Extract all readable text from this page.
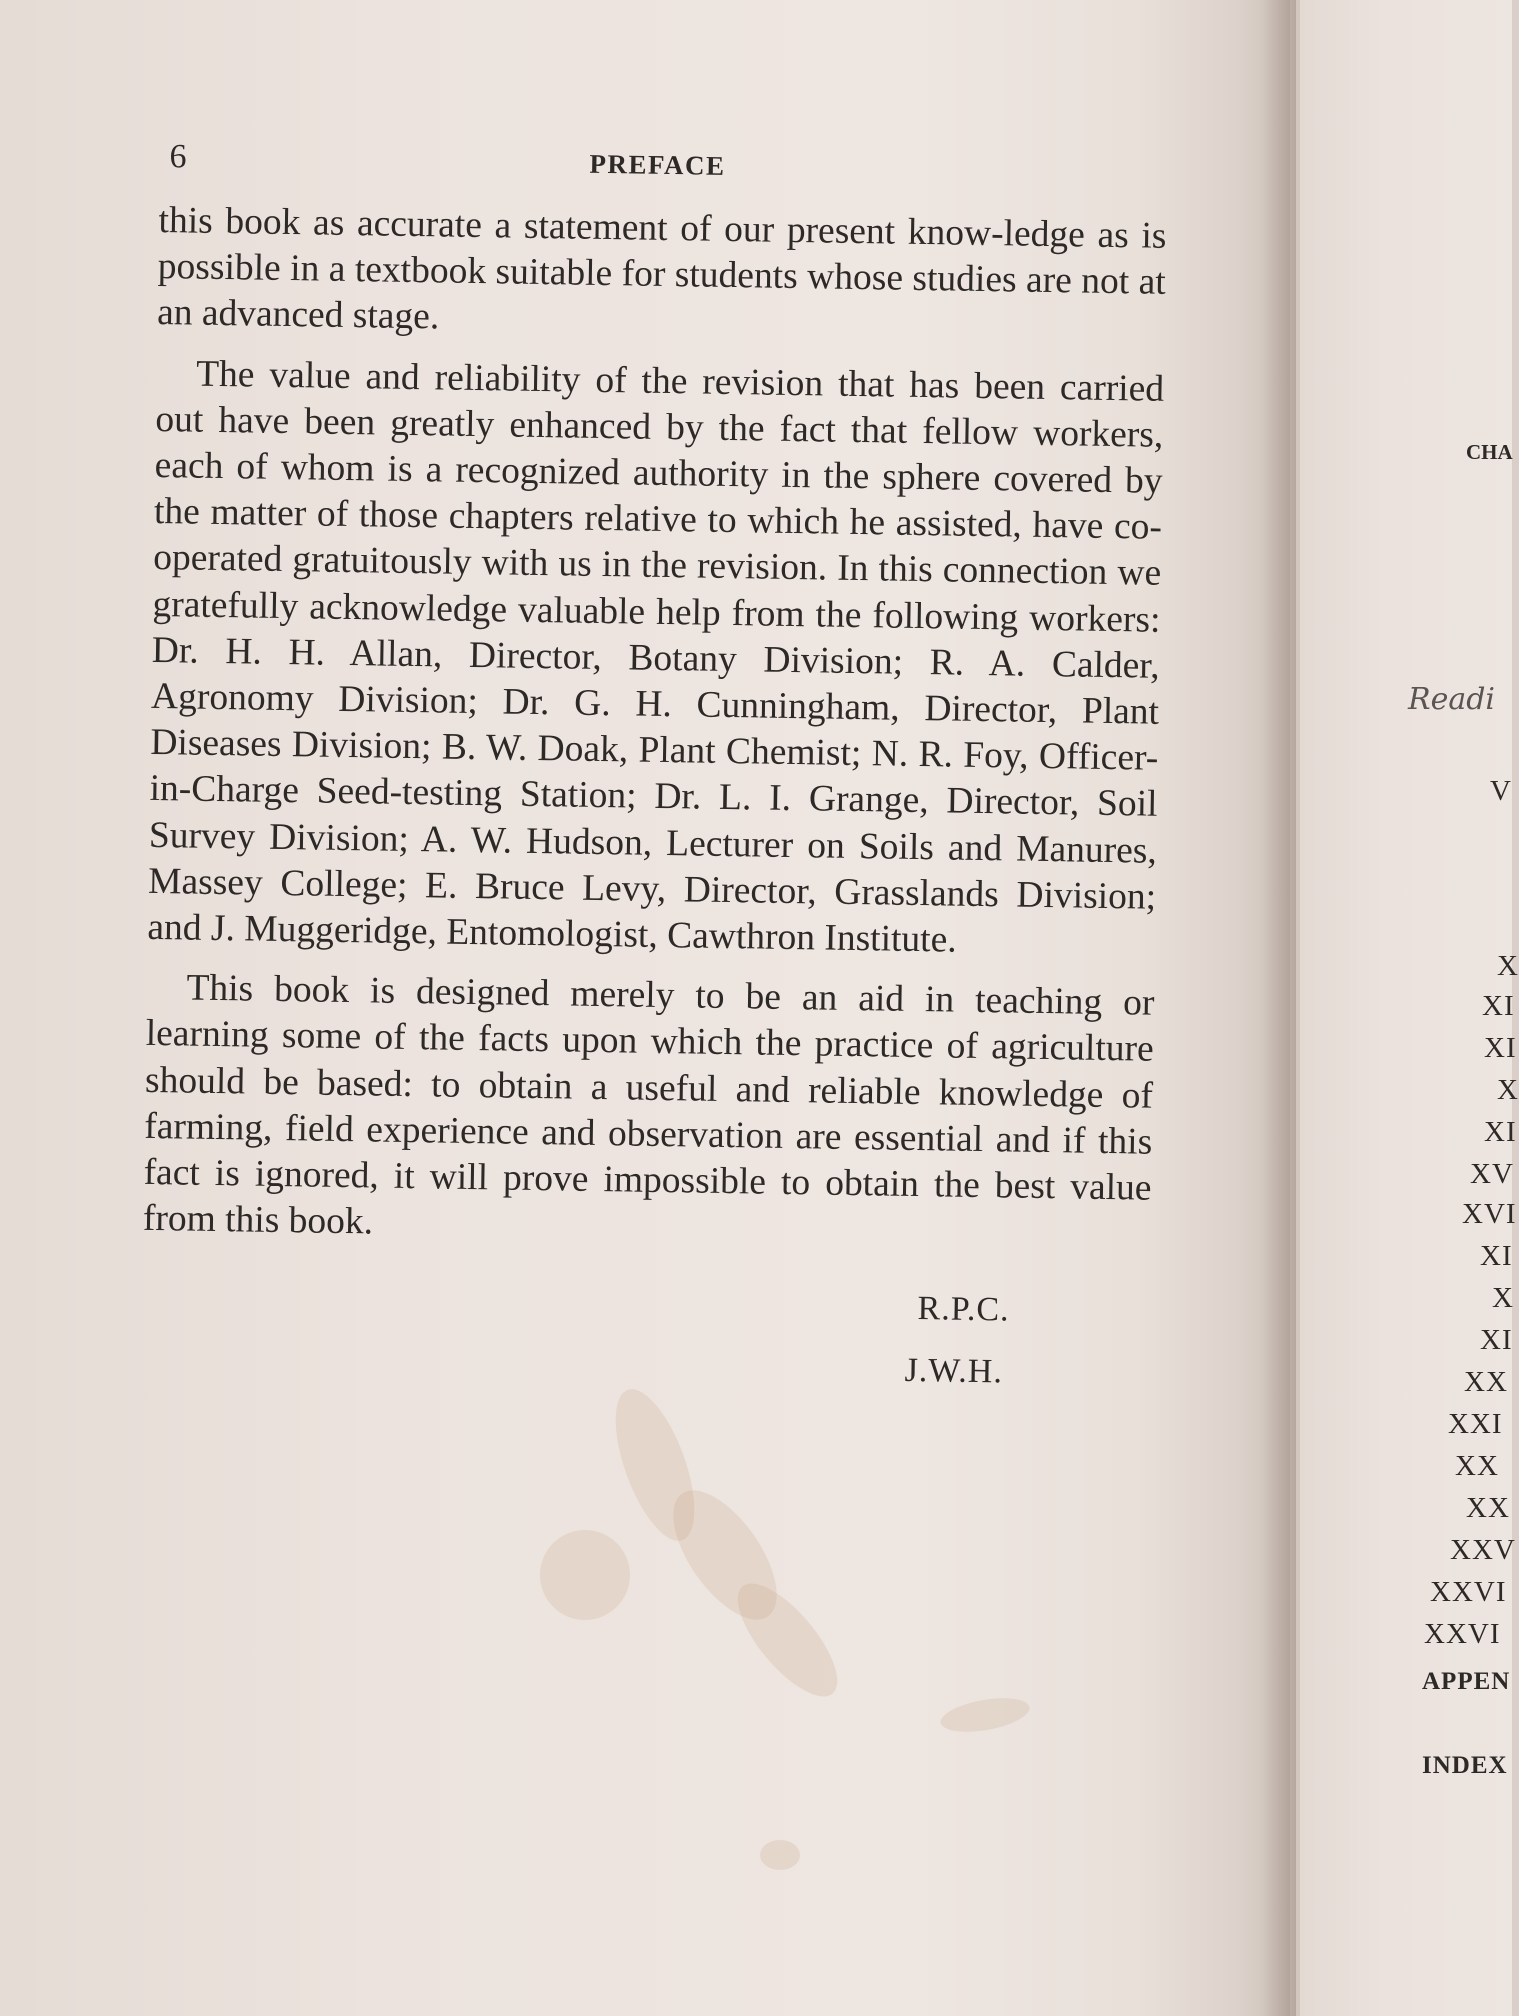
6	PREFACE

this book as accurate a statement of our present know-ledge as is possible in a textbook suitable for students whose studies are not at an advanced stage.

The value and reliability of the revision that has been carried out have been greatly enhanced by the fact that fellow workers, each of whom is a recognized authority in the sphere covered by the matter of those chapters relative to which he assisted, have co-operated gratuitously with us in the revision. In this connection we gratefully acknowledge valuable help from the following workers: Dr. H. H. Allan, Director, Botany Division; R. A. Calder, Agronomy Division; Dr. G. H. Cunningham, Director, Plant Diseases Division; B. W. Doak, Plant Chemist; N. R. Foy, Officer-in-Charge Seed-testing Station; Dr. L. I. Grange, Director, Soil Survey Division; A. W. Hudson, Lecturer on Soils and Manures, Massey College; E. Bruce Levy, Director, Grasslands Division; and J. Muggeridge, Entomologist, Cawthron Institute.

This book is designed merely to be an aid in teaching or learning some of the facts upon which the practice of agriculture should be based: to obtain a useful and reliable knowledge of farming, field experience and observation are essential and if this fact is ignored, it will prove impossible to obtain the best value from this book.

R.P.C.
J.W.H.
CHA
Readi
V
X
XI
XI
X
XI
XV
XVI
XI
X
XI
XX
XXI
XX
XX
XXV
XXVI
XXVI
APPEN
INDEX
